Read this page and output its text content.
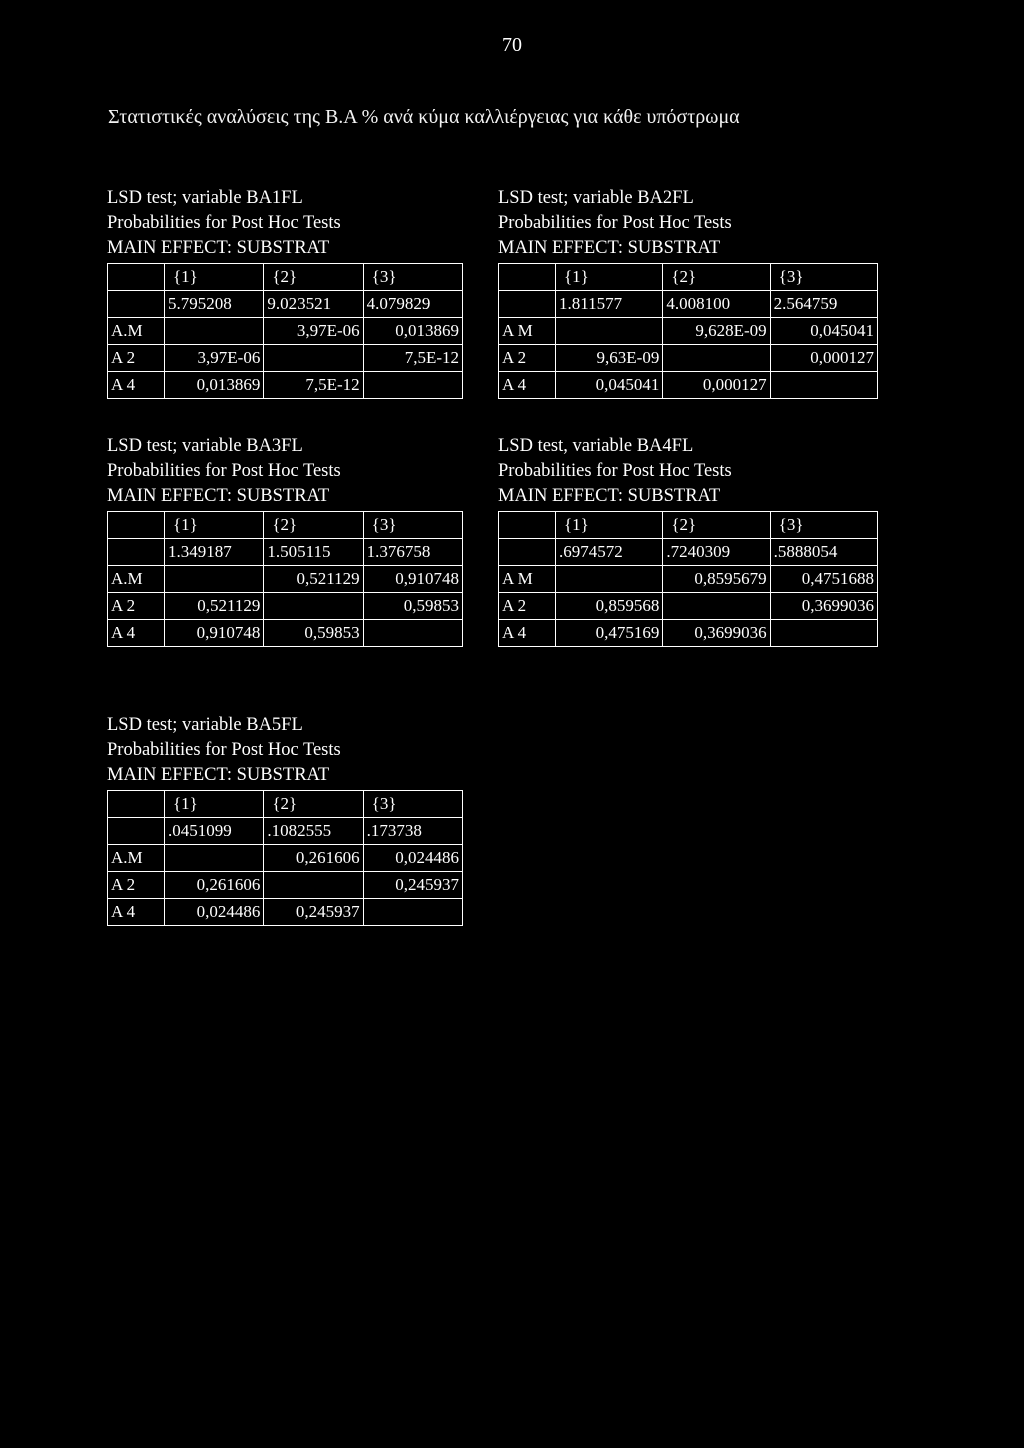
70
Στατιστικές αναλύσεις της Β.Α % ανά κύμα καλλιέργειας για κάθε υπόστρωμα
LSD test; variable BA1FL
Probabilities for Post Hoc Tests
MAIN EFFECT: SUBSTRAT
	{1}	{2}	{3}
	5.795208	9.023521	4.079829
A.M		3,97E-06	0,013869
A 2	3,97E-06		7,5E-12
A 4	0,013869	7,5E-12	
LSD test; variable BA2FL
Probabilities for Post Hoc Tests
MAIN EFFECT: SUBSTRAT
	{1}	{2}	{3}
	1.811577	4.008100	2.564759
A M		9,628E-09	0,045041
A 2	9,63E-09		0,000127
A 4	0,045041	0,000127	
LSD test; variable BA3FL
Probabilities for Post Hoc Tests
MAIN EFFECT: SUBSTRAT
	{1}	{2}	{3}
	1.349187	1.505115	1.376758
A.M		0,521129	0,910748
A 2	0,521129		0,59853
A 4	0,910748	0,59853	
LSD test, variable BA4FL
Probabilities for Post Hoc Tests
MAIN EFFECT: SUBSTRAT
	{1}	{2}	{3}
	.6974572	.7240309	.5888054
A M		0,8595679	0,4751688
A 2	0,859568		0,3699036
A 4	0,475169	0,3699036	
LSD test; variable BA5FL
Probabilities for Post Hoc Tests
MAIN EFFECT: SUBSTRAT
	{1}	{2}	{3}
	.0451099	.1082555	.173738
A.M		0,261606	0,024486
A 2	0,261606		0,245937
A 4	0,024486	0,245937	
